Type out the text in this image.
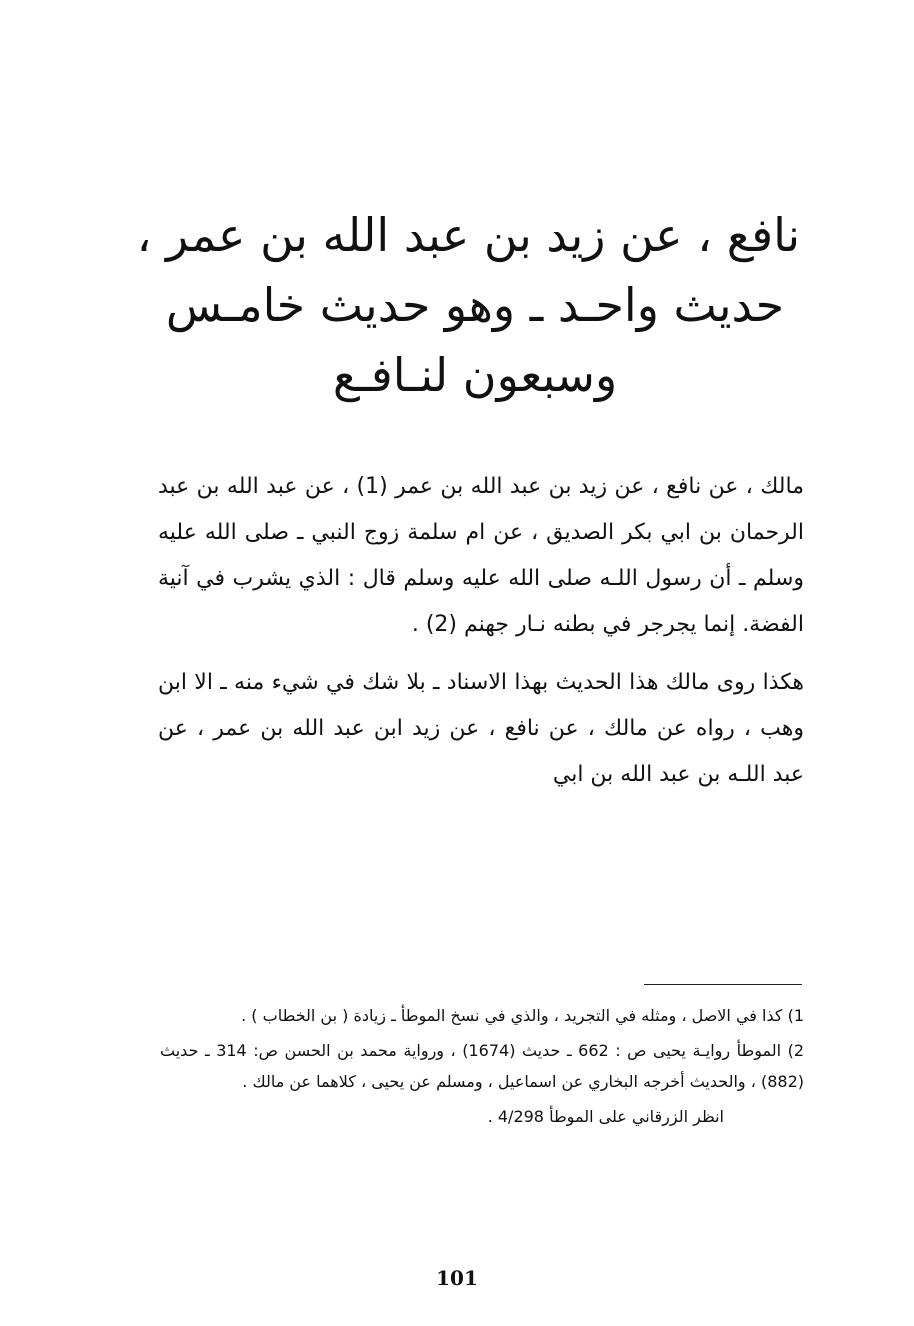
نافع ، عن زيد بن عبد الله بن عمر ،
حديث واحـد ـ وهو حديث خامـس
وسبعون لنـافـع

مالك ، عن نافع ، عن زيد بن عبد الله بن عمر (1) ، عن عبد الله بن عبد الرحمان بن ابي بكر الصديق ، عن ام سلمة زوج النبي ـ صلى الله عليه وسلم ـ أن رسول اللـه صلى الله عليه وسلم قال : الذي يشرب في آنية الفضة. إنما يجرجر في بطنه نـار جهنم (2) .

هكذا روى مالك هذا الحديث بهذا الاسناد ـ بلا شك في شيء منه ـ الا ابن وهب ، رواه عن مالك ، عن نافع ، عن زيد ابن عبد الله بن عمر ، عن عبد اللـه بن عبد الله بن ابي

1) كذا في الاصل ، ومثله في التجريد ، والذي في نسخ الموطأ ـ زيادة ( بن الخطاب ) .

2) الموطأ روايـة يحيى ص : 662 ـ حديث (1674) ، ورواية محمد بن الحسن ص: 314 ـ حديث (882) ، والحديث أخرجه البخاري عن اسماعيل ، ومسلم عن يحيى ، كلاهما عن مالك .

انظر الزرقاني على الموطأ 4/298 .

101
